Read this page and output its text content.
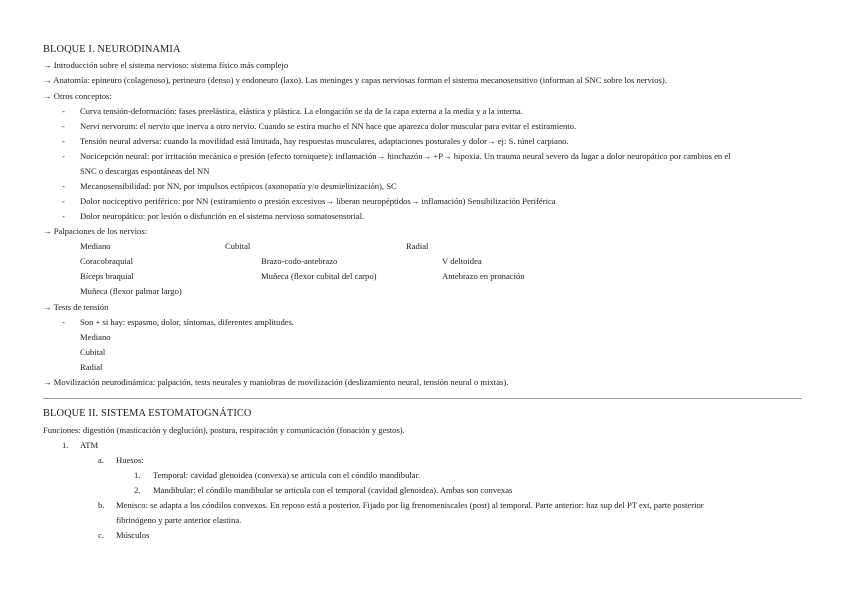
BLOQUE I. NEURODINAMIA
→ Introducción sobre el sistema nervioso: sistema físico más complejo
→ Anatomía: epineuro (colagenoso), perineuro (denso) y endoneuro (laxo). Las meninges y capas nerviosas forman el sistema mecanosensitivo (informan al SNC sobre los nervios).
→ Otros conceptos:
- Curva tensión-deformación: fases preelástica, elástica y plástica. La elongación se da de la capa externa a la media y a la interna.
- Nervi nervorum: el nervio que inerva a otro nervio. Cuando se estira mucho el NN hace que aparezca dolor muscular para evitar el estiramiento.
- Tensión neural adversa: cuando la movilidad está limitada, hay respuestas musculares, adaptaciones posturales y dolor→ ej: S. túnel carpiano.
- Nocicepción neural: por irritación mecánica o presión (efecto torniquete): inflamación→ hinchazón→ +P→ hipoxia. Un trauma neural severo da lugar a dolor neuropático por cambios en el
SNC o descargas espontáneas del NN
- Mecanosensibilidad: por NN, por impulsos ectópicos (axonopatía y/o desmielinización), SC
- Dolor nociceptivo periférico: por NN (estiramiento o presión excesivos→ liberan neuropéptidos→ inflamación) Sensibilización Periférica
- Dolor neuropático: por lesión o disfunción en el sistema nervioso somatosensorial.
→ Palpaciones de los nervios:
Mediano	Cubital	Radial
Coracobraquial	Brazo-codo-antebrazo	V deltoidea
Bíceps braquial	Muñeca (flexor cubital del carpo)	Antebrazo en pronación
Muñeca (flexor palmar largo)
→ Tests de tensión
- Son + si hay: espasmo, dolor, síntomas, diferentes amplitudes.
Mediano
Cubital
Radial
→ Movilización neurodinámica: palpación, tests neurales y maniobras de movilización (deslizamiento neural, tensión neural o mixtas).
BLOQUE II. SISTEMA ESTOMATOGNÁTICO
Funciones: digestión (masticación y deglución), postura, respiración y comunicación (fonación y gestos).
1. ATM
a. Huesos:
1. Temporal: cavidad glenoidea (convexa) se articula con el cóndilo mandibular.
2. Mandibular: el cóndilo mandibular se articula con el temporal (cavidad glenoidea). Ambas son convexas
b. Menisco: se adapta a los cóndilos convexos. En reposo está a posterior. Fijado por lig frenomeniscales (post) al temporal. Parte anterior: haz sup del PT ext, parte posterior
fibrinógeno y parte anterior elastina.
c. Músculos
